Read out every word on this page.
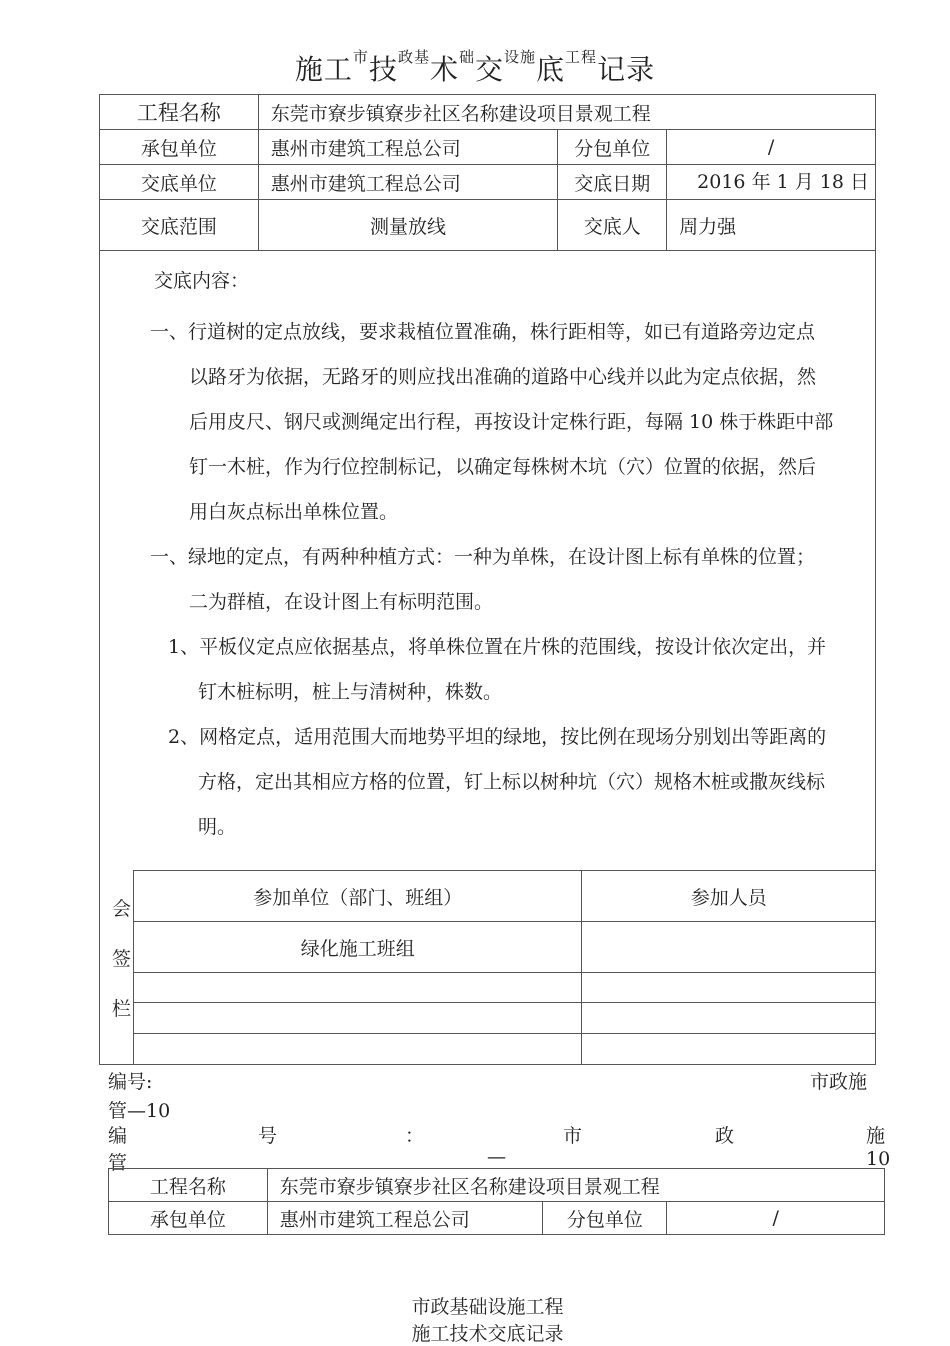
施工$^市$技$^{政基}$术$^础$交$^{设施}$底$^{工程}$记录
工程名称	东莞市寮步镇寮步社区名称建设项目景观工程		
承包单位	惠州市建筑工程总公司	分包单位	/
交底单位	惠州市建筑工程总公司	交底日期	2016 年 1 月 18 日
交底范围	测量放线	交底人	周力强

交底内容：

一、行道树的定点放线，要求栽植位置准确，株行距相等，如已有道路旁边定点

以路牙为依据，无路牙的则应找出准确的道路中心线并以此为定点依据，然

后用皮尺、钢尺或测绳定出行程，再按设计定株行距，每隔 10 株于株距中部

钉一木桩，作为行位控制标记，以确定每株树木坑（穴）位置的依据，然后

用白灰点标出单株位置。

一、绿地的定点，有两种种植方式：一种为单株，在设计图上标有单株的位置；

二为群植，在设计图上有标明范围。

1、平板仪定点应依据基点，将单株位置在片株的范围线，按设计依次定出，并

钉木桩标明，桩上与清树种，株数。

2、网格定点，适用范围大而地势平坦的绿地，按比例在现场分别划出等距离的

方格，定出其相应方格的位置，钉上标以树种坑（穴）规格木桩或撒灰线标

明。

会
签
栏
参加单位（部门、班组）	参加人员
绿化施工班组	

编号:	市政施
管—10
编	号	：	市	政	施
管	—	10
工程名称	东莞市寮步镇寮步社区名称建设项目景观工程		
承包单位	惠州市建筑工程总公司	分包单位	/
市政基础设施工程
施工技术交底记录
